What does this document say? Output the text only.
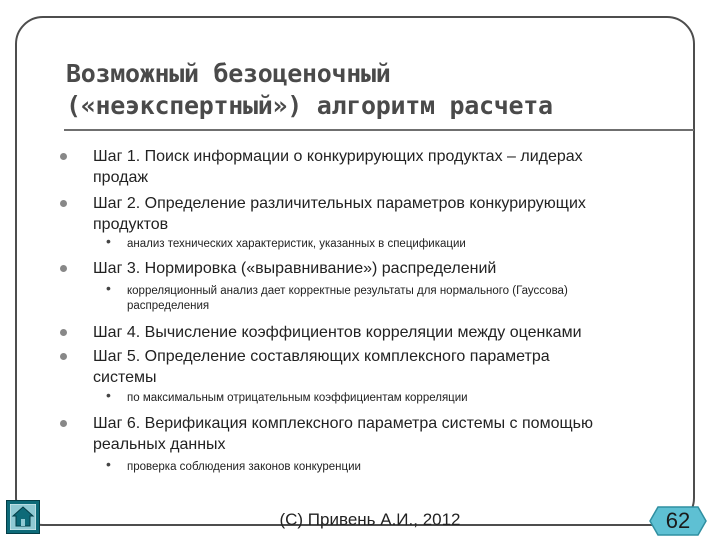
Возможный безоценочный
(«неэкспертный») алгоритм расчета
Шаг 1. Поиск информации о конкурирующих продуктах – лидерах
продаж
Шаг 2. Определение различительных параметров конкурирующих
продуктов
• анализ технических характеристик, указанных в спецификации
Шаг 3. Нормировка («выравнивание») распределений
• корреляционный анализ дает корректные результаты для нормального (Гауссова)
распределения
Шаг 4. Вычисление коэффициентов корреляции между оценками
Шаг 5. Определение составляющих комплексного параметра
системы
• по максимальным отрицательным коэффициентам корреляции
Шаг 6. Верификация комплексного параметра системы с помощью
реальных данных
• проверка соблюдения законов конкуренции
(C) Привень А.И., 2012	62
